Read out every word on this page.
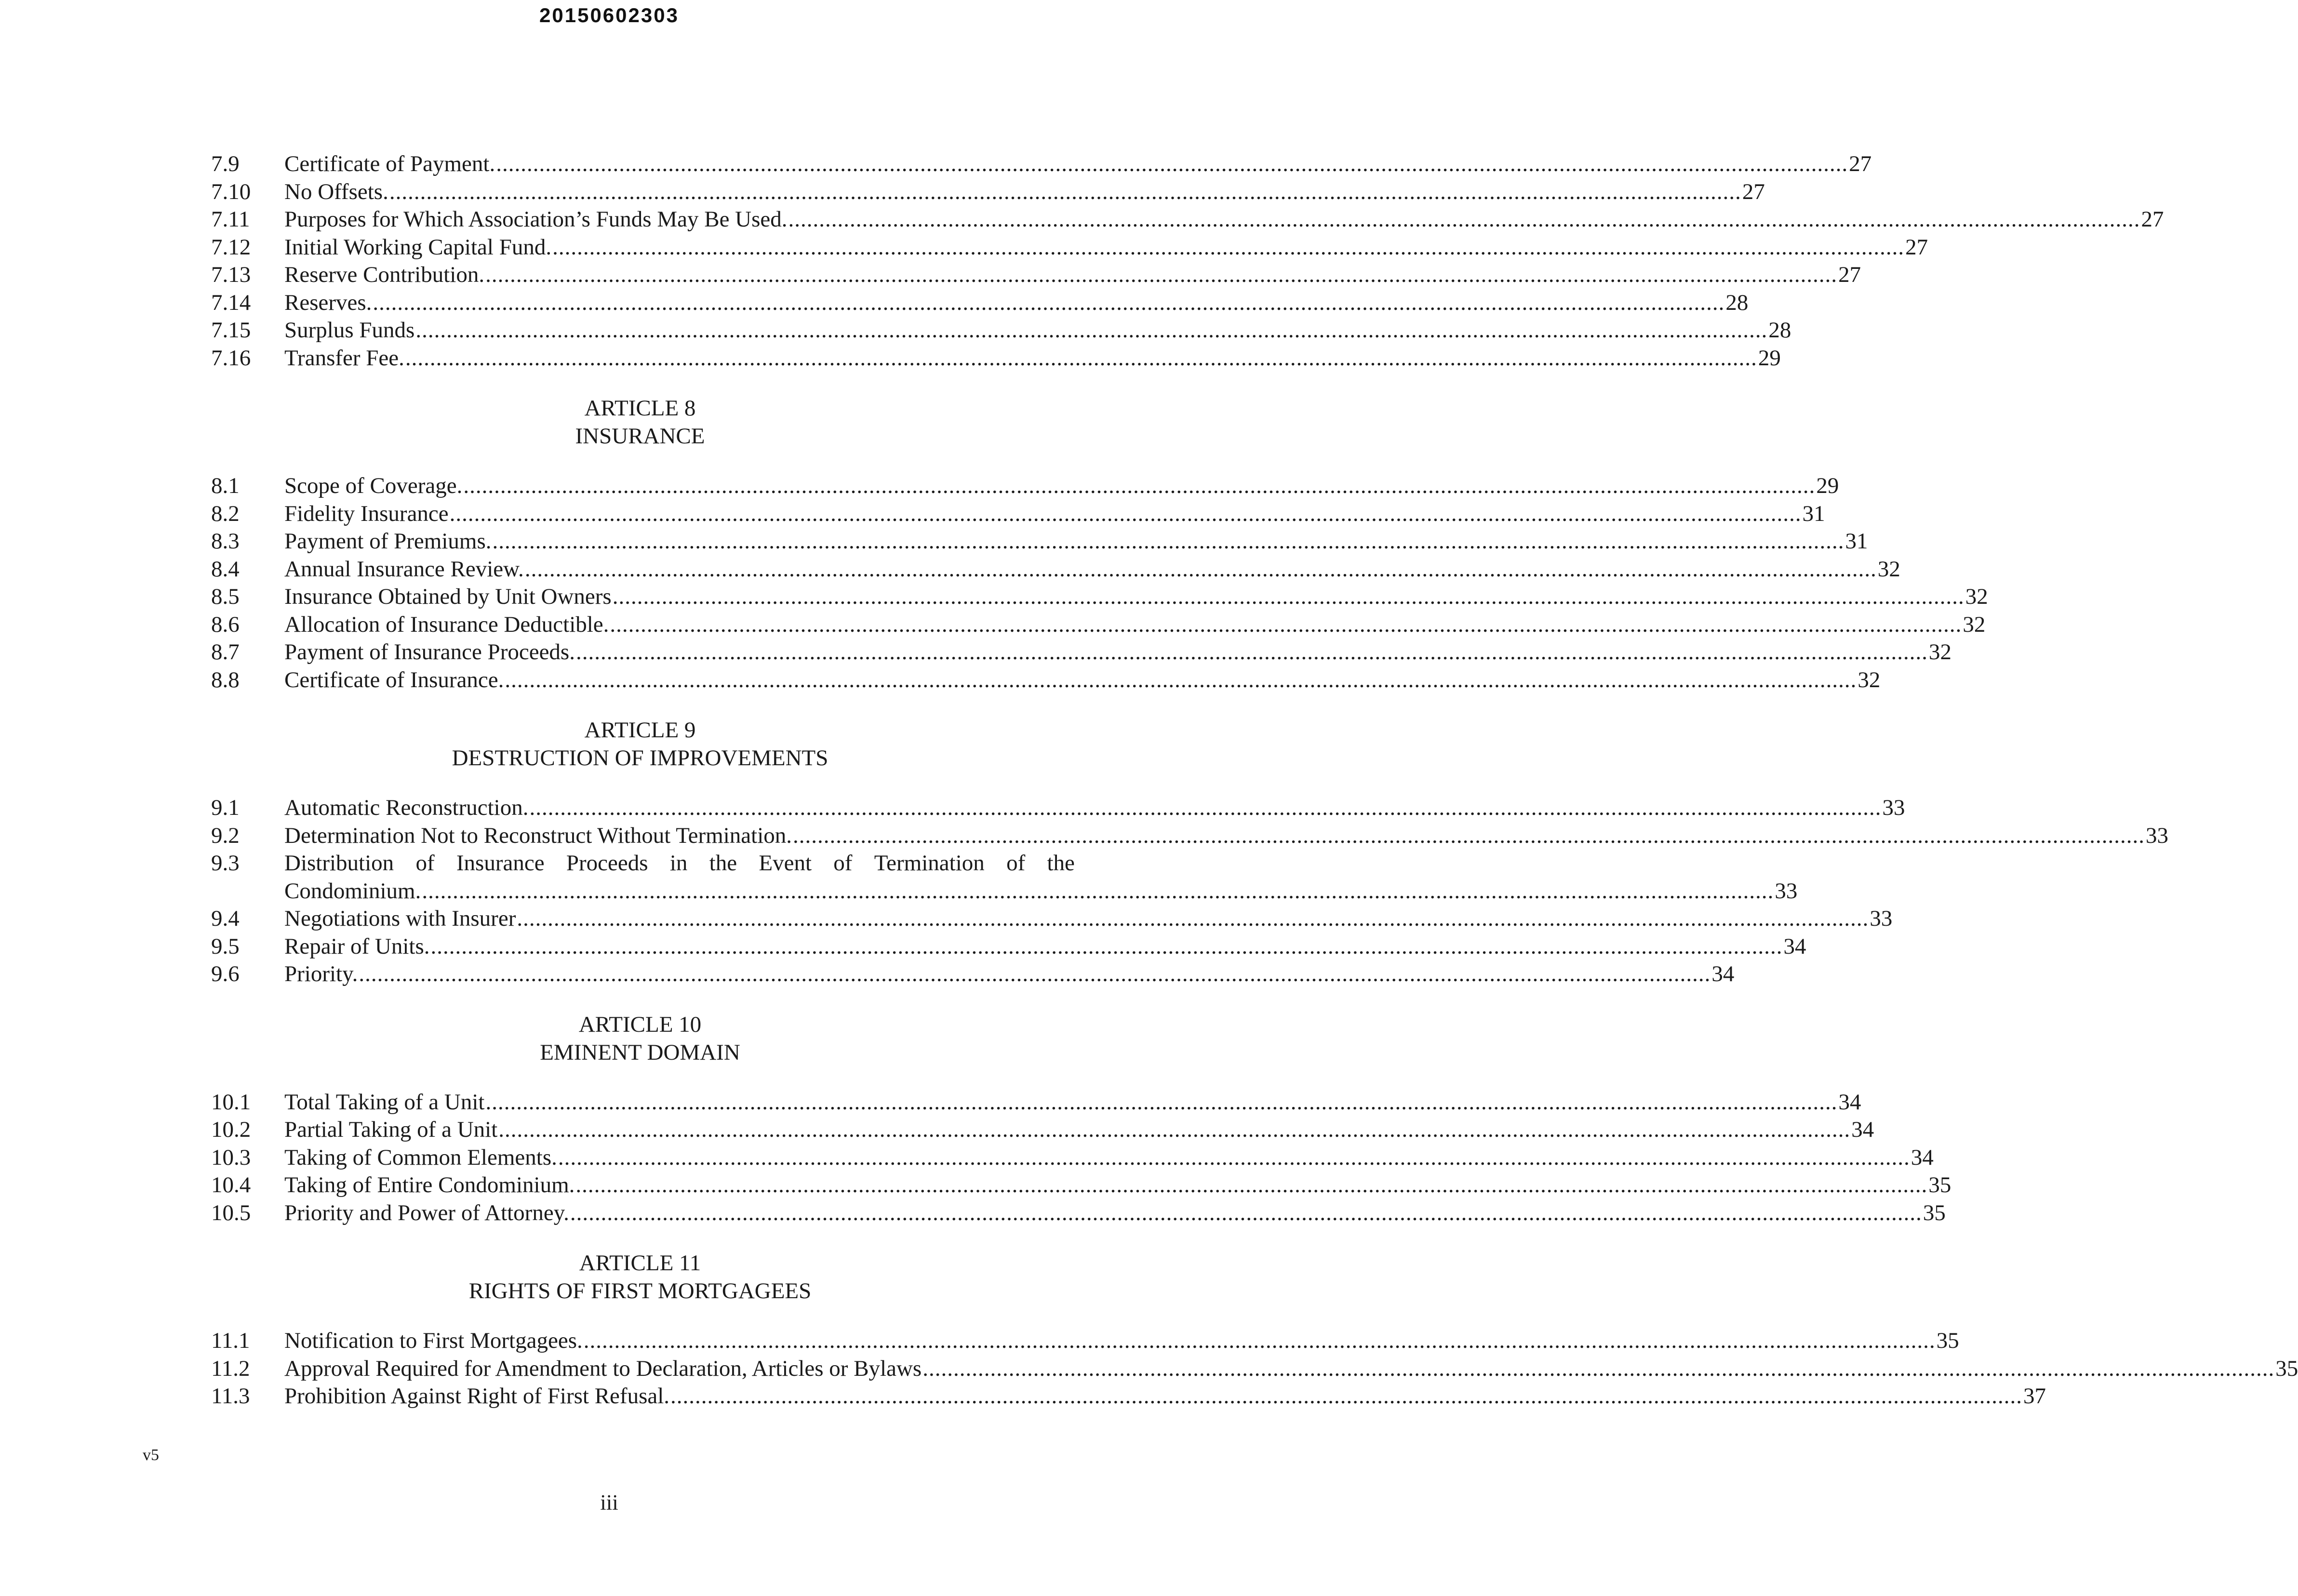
20150602303
7.9	Certificate of Payment. ............................................................................................................................................................................................................................ 27
7.10	No Offsets. ............................................................................................................................................................................................................................ 27
7.11	Purposes for Which Association’s Funds May Be Used. ............................................................................................................................................................................................................................ 27
7.12	Initial Working Capital Fund. ............................................................................................................................................................................................................................ 27
7.13	Reserve Contribution. ............................................................................................................................................................................................................................ 27
7.14	Reserves. ............................................................................................................................................................................................................................ 28
7.15	Surplus Funds ............................................................................................................................................................................................................................ 28
7.16	Transfer Fee. ............................................................................................................................................................................................................................ 29
ARTICLE 8
INSURANCE
8.1	Scope of Coverage. ............................................................................................................................................................................................................................ 29
8.2	Fidelity Insurance ............................................................................................................................................................................................................................ 31
8.3	Payment of Premiums. ............................................................................................................................................................................................................................ 31
8.4	Annual Insurance Review. ............................................................................................................................................................................................................................ 32
8.5	Insurance Obtained by Unit Owners ............................................................................................................................................................................................................................ 32
8.6	Allocation of Insurance Deductible. ............................................................................................................................................................................................................................ 32
8.7	Payment of Insurance Proceeds. ............................................................................................................................................................................................................................ 32
8.8	Certificate of Insurance. ............................................................................................................................................................................................................................ 32
ARTICLE 9
DESTRUCTION OF IMPROVEMENTS
9.1	Automatic Reconstruction. ............................................................................................................................................................................................................................ 33
9.2	Determination Not to Reconstruct Without Termination. ............................................................................................................................................................................................................................ 33
9.3	Distribution of Insurance Proceeds in the Event of Termination of the
Condominium. ............................................................................................................................................................................................................................ 33
9.4	Negotiations with Insurer ............................................................................................................................................................................................................................ 33
9.5	Repair of Units. ............................................................................................................................................................................................................................ 34
9.6	Priority. ............................................................................................................................................................................................................................ 34
ARTICLE 10
EMINENT DOMAIN
10.1	Total Taking of a Unit ............................................................................................................................................................................................................................ 34
10.2	Partial Taking of a Unit ............................................................................................................................................................................................................................ 34
10.3	Taking of Common Elements. ............................................................................................................................................................................................................................ 34
10.4	Taking of Entire Condominium. ............................................................................................................................................................................................................................ 35
10.5	Priority and Power of Attorney. ............................................................................................................................................................................................................................ 35
ARTICLE 11
RIGHTS OF FIRST MORTGAGEES
11.1	Notification to First Mortgagees. ............................................................................................................................................................................................................................ 35
11.2	Approval Required for Amendment to Declaration, Articles or Bylaws ............................................................................................................................................................................................................................ 35
11.3	Prohibition Against Right of First Refusal. ............................................................................................................................................................................................................................ 37
v5
iii
